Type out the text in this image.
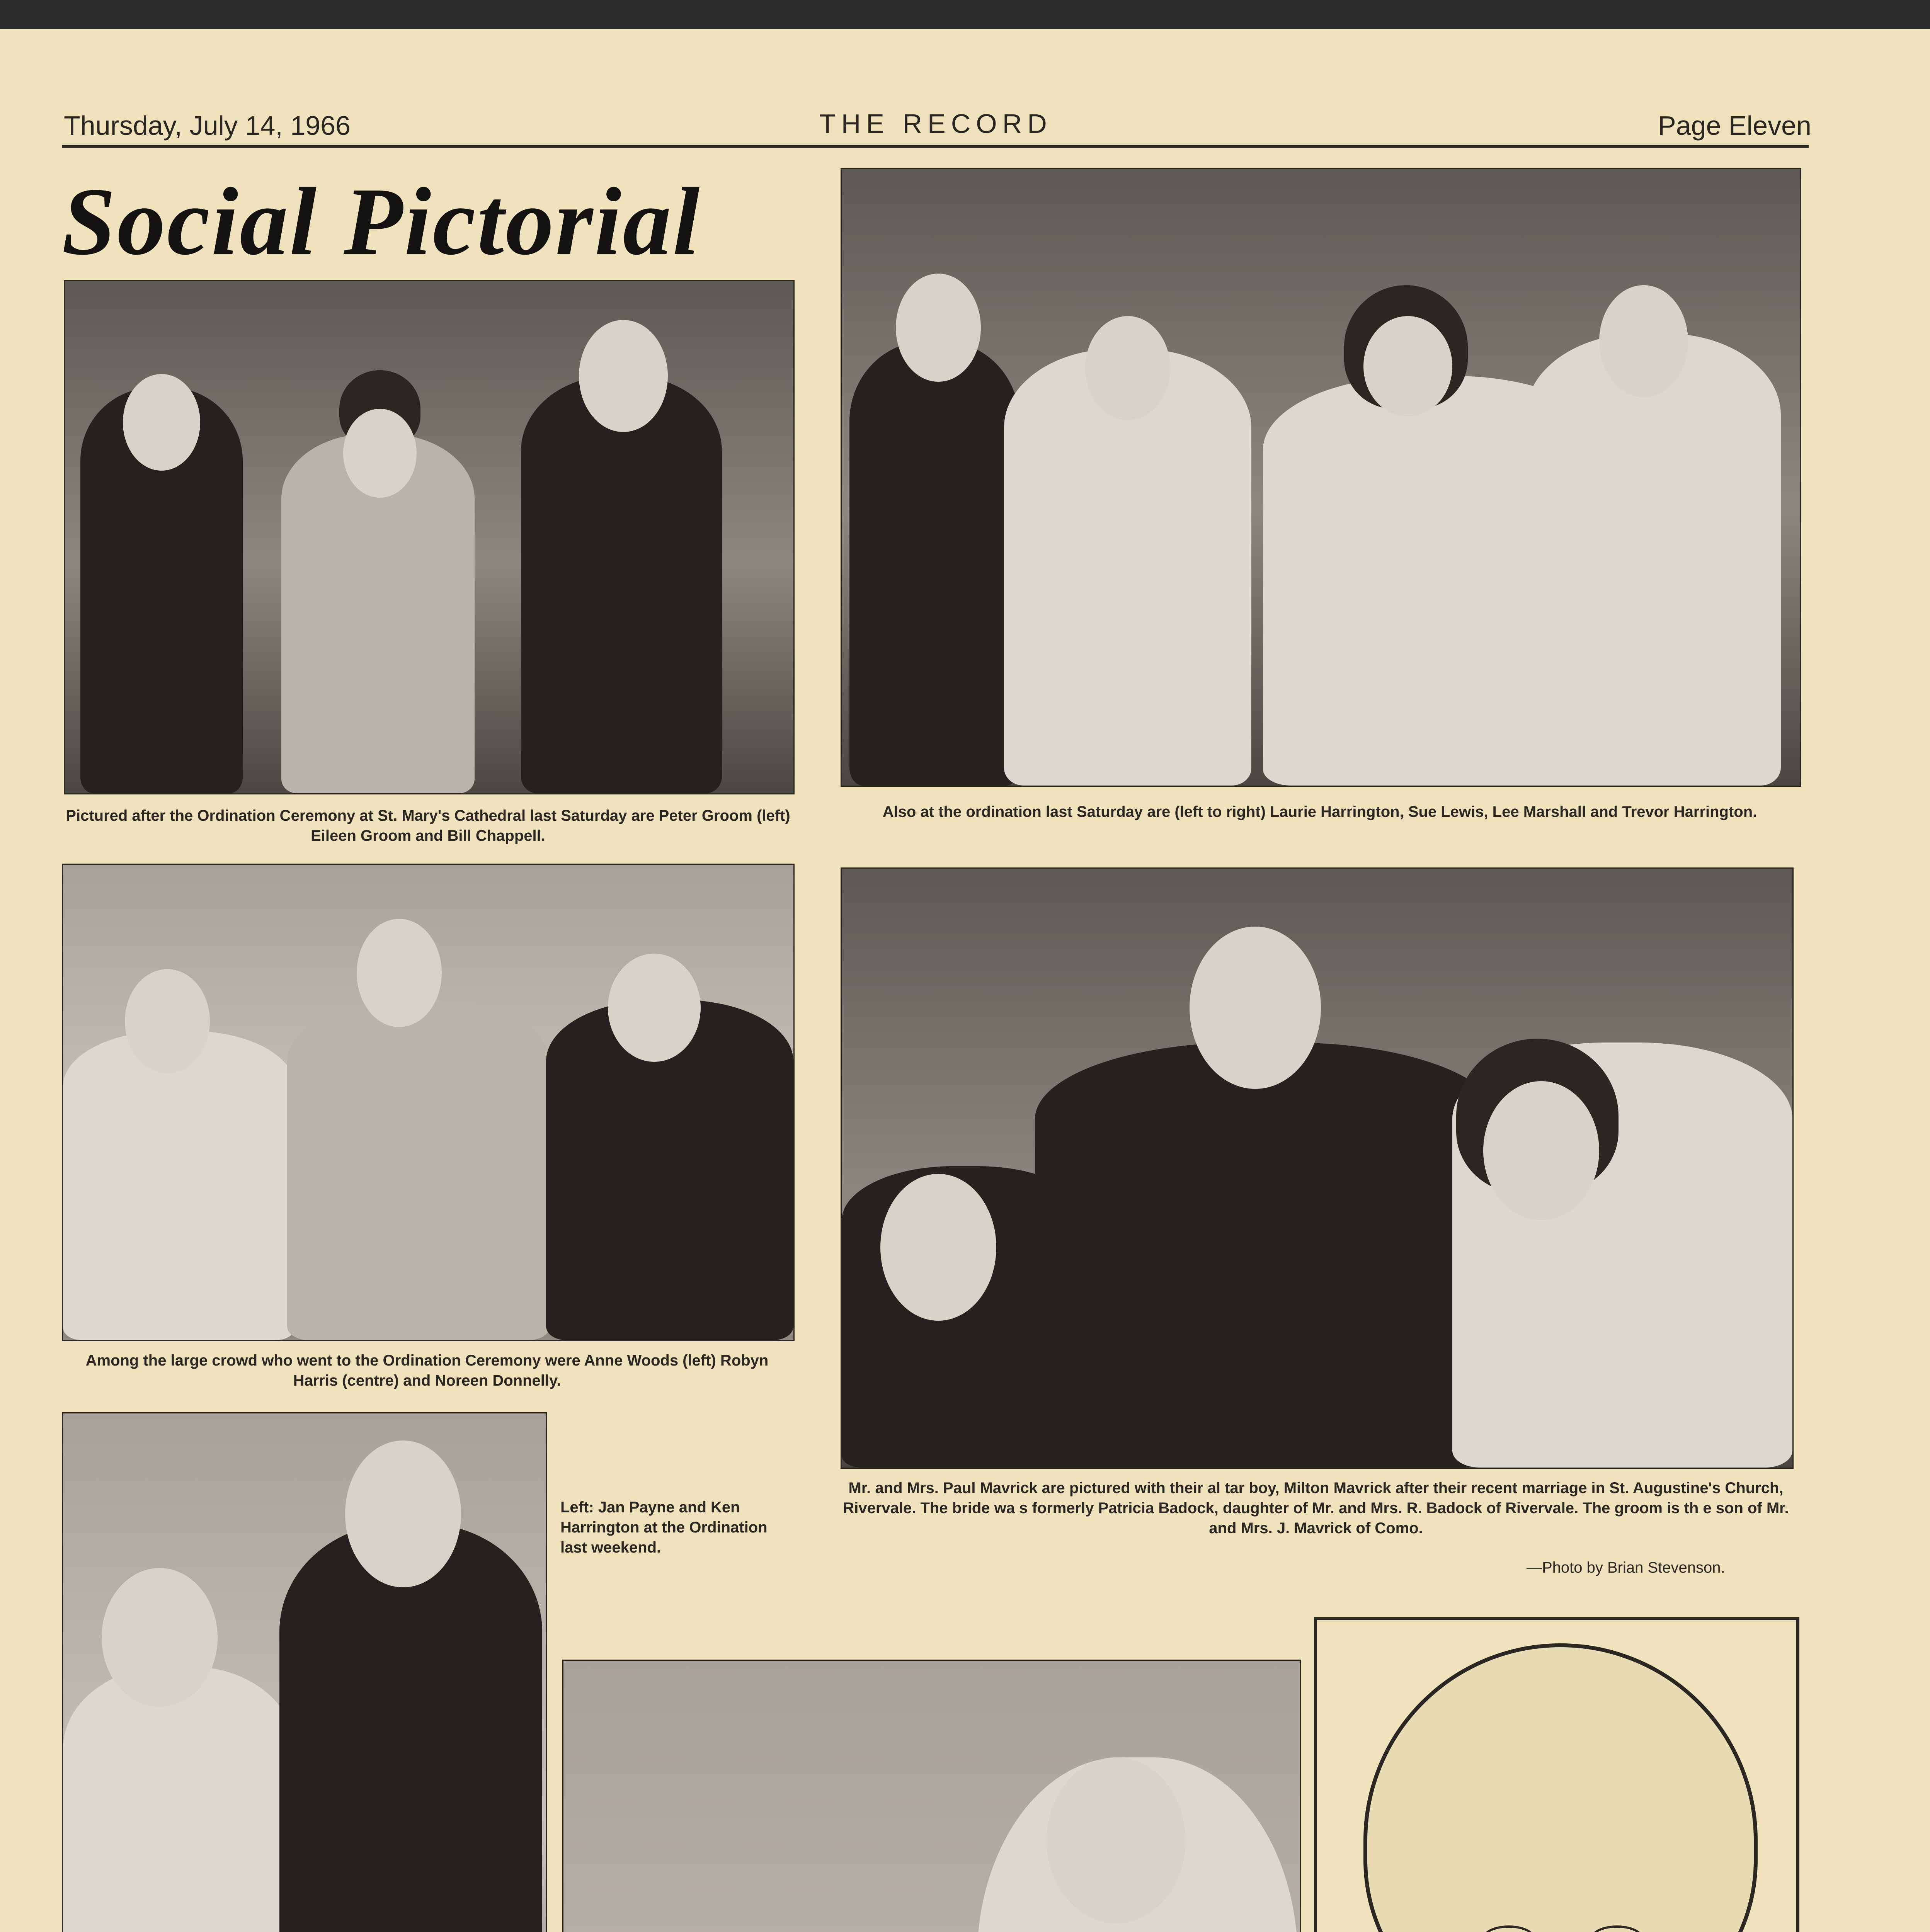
Thursday, July 14, 1966	THE RECORD	Page Eleven
Social Pictorial
Pictured after the Ordination Ceremony at St. Mary's Cathedral last Saturday are Peter Groom (left) Eileen Groom and Bill Chappell.
Also at the ordination last Saturday are (left to right) Laurie Harrington, Sue Lewis, Lee Marshall and Trevor Harrington.
Among the large crowd who went to the Ordination Ceremony were Anne Woods (left) Robyn Harris (centre) and Noreen Donnelly.
Mr. and Mrs. Paul Mavrick are pictured with their al tar boy, Milton Mavrick after their recent marriage in St. Augustine's Church, Rivervale. The bride wa s formerly Patricia Badock, daughter of Mr. and Mrs. R. Badock of Rivervale. The groom is th e son of Mr. and Mrs. J. Mavrick of Como.
—Photo by Brian Stevenson.
Left: Jan Payne and Ken Harrington at the Ordination last weekend.
